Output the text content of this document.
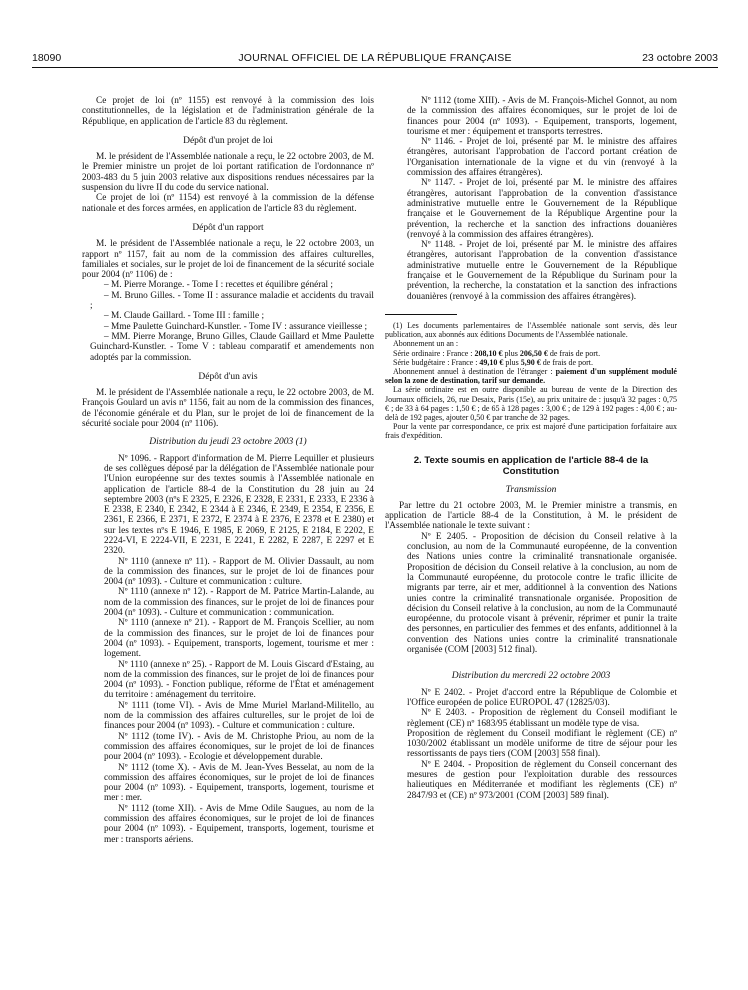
18090	JOURNAL OFFICIEL DE LA RÉPUBLIQUE FRANÇAISE	23 octobre 2003

Ce projet de loi (nº 1155) est renvoyé à la commission des lois constitutionnelles, de la législation et de l'administration générale de la République, en application de l'article 83 du règlement.

Dépôt d'un projet de loi

M. le président de l'Assemblée nationale a reçu, le 22 octobre 2003, de M. le Premier ministre un projet de loi portant ratification de l'ordonnance nº 2003-483 du 5 juin 2003 relative aux dispositions rendues nécessaires par la suspension du livre II du code du service national.

Ce projet de loi (nº 1154) est renvoyé à la commission de la défense nationale et des forces armées, en application de l'article 83 du règlement.

Dépôt d'un rapport

M. le président de l'Assemblée nationale a reçu, le 22 octobre 2003, un rapport nº 1157, fait au nom de la commission des affaires culturelles, familiales et sociales, sur le projet de loi de financement de la sécurité sociale pour 2004 (nº 1106) de :

– M. Pierre Morange. - Tome I : recettes et équilibre général ;

– M. Bruno Gilles. - Tome II : assurance maladie et accidents du travail ;

– M. Claude Gaillard. - Tome III : famille ;

– Mme Paulette Guinchard-Kunstler. - Tome IV : assurance vieillesse ;

– MM. Pierre Morange, Bruno Gilles, Claude Gaillard et Mme Paulette Guinchard-Kunstler. - Tome V : tableau comparatif et amendements non adoptés par la commission.

Dépôt d'un avis

M. le président de l'Assemblée nationale a reçu, le 22 octobre 2003, de M. François Goulard un avis nº 1156, fait au nom de la commission des finances, de l'économie générale et du Plan, sur le projet de loi de financement de la sécurité sociale pour 2004 (nº 1106).

Distribution du jeudi 23 octobre 2003 (1)

Nº 1096. - Rapport d'information de M. Pierre Lequiller et plusieurs de ses collègues déposé par la délégation de l'Assemblée nationale pour l'Union européenne sur des textes soumis à l'Assemblée nationale en application de l'article 88-4 de la Constitution du 28 juin au 24 septembre 2003 (nºs E 2325, E 2326, E 2328, E 2331, E 2333, E 2336 à E 2338, E 2340, E 2342, E 2344 à E 2346, E 2349, E 2354, E 2356, E 2361, E 2366, E 2371, E 2372, E 2374 à E 2376, E 2378 et E 2380) et sur les textes nºs E 1946, E 1985, E 2069, E 2125, E 2184, E 2202, E 2224-VI, E 2224-VII, E 2231, E 2241, E 2282, E 2287, E 2297 et E 2320.

Nº 1110 (annexe nº 11). - Rapport de M. Olivier Dassault, au nom de la commission des finances, sur le projet de loi de finances pour 2004 (nº 1093). - Culture et communication : culture.

Nº 1110 (annexe nº 12). - Rapport de M. Patrice Martin-Lalande, au nom de la commission des finances, sur le projet de loi de finances pour 2004 (nº 1093). - Culture et communication : communication.

Nº 1110 (annexe nº 21). - Rapport de M. François Scellier, au nom de la commission des finances, sur le projet de loi de finances pour 2004 (nº 1093). - Equipement, transports, logement, tourisme et mer : logement.

Nº 1110 (annexe nº 25). - Rapport de M. Louis Giscard d'Estaing, au nom de la commission des finances, sur le projet de loi de finances pour 2004 (nº 1093). - Fonction publique, réforme de l'État et aménagement du territoire : aménagement du territoire.

Nº 1111 (tome VI). - Avis de Mme Muriel Marland-Militello, au nom de la commission des affaires culturelles, sur le projet de loi de finances pour 2004 (nº 1093). - Culture et communication : culture.

Nº 1112 (tome IV). - Avis de M. Christophe Priou, au nom de la commission des affaires économiques, sur le projet de loi de finances pour 2004 (nº 1093). - Ecologie et développement durable.

Nº 1112 (tome X). - Avis de M. Jean-Yves Besselat, au nom de la commission des affaires économiques, sur le projet de loi de finances pour 2004 (nº 1093). - Equipement, transports, logement, tourisme et mer : mer.

Nº 1112 (tome XII). - Avis de Mme Odile Saugues, au nom de la commission des affaires économiques, sur le projet de loi de finances pour 2004 (nº 1093). - Equipement, transports, logement, tourisme et mer : transports aériens.

Nº 1112 (tome XIII). - Avis de M. François-Michel Gonnot, au nom de la commission des affaires économiques, sur le projet de loi de finances pour 2004 (nº 1093). - Equipement, transports, logement, tourisme et mer : équipement et transports terrestres.

Nº 1146. - Projet de loi, présenté par M. le ministre des affaires étrangères, autorisant l'approbation de l'accord portant création de l'Organisation internationale de la vigne et du vin (renvoyé à la commission des affaires étrangères).

Nº 1147. - Projet de loi, présenté par M. le ministre des affaires étrangères, autorisant l'approbation de la convention d'assistance administrative mutuelle entre le Gouvernement de la République française et le Gouvernement de la République Argentine pour la prévention, la recherche et la sanction des infractions douanières (renvoyé à la commission des affaires étrangères).

Nº 1148. - Projet de loi, présenté par M. le ministre des affaires étrangères, autorisant l'approbation de la convention d'assistance administrative mutuelle entre le Gouvernement de la République française et le Gouvernement de la République du Surinam pour la prévention, la recherche, la constatation et la sanction des infractions douanières (renvoyé à la commission des affaires étrangères).

(1) Les documents parlementaires de l'Assemblée nationale sont servis, dès leur publication, aux abonnés aux éditions Documents de l'Assemblée nationale.

Abonnement un an :

Série ordinaire : France : 208,10 € plus 206,50 € de frais de port.

Série budgétaire : France : 49,10 € plus 5,90 € de frais de port.

Abonnement annuel à destination de l'étranger : paiement d'un supplément modulé selon la zone de destination, tarif sur demande.

La série ordinaire est en outre disponible au bureau de vente de la Direction des Journaux officiels, 26, rue Desaix, Paris (15e), au prix unitaire de : jusqu'à 32 pages : 0,75 € ; de 33 à 64 pages : 1,50 € ; de 65 à 128 pages : 3,00 € ; de 129 à 192 pages : 4,00 € ; au-delà de 192 pages, ajouter 0,50 € par tranche de 32 pages.

Pour la vente par correspondance, ce prix est majoré d'une participation forfaitaire aux frais d'expédition.

2. Texte soumis en application de l'article 88-4 de la Constitution
Transmission

Par lettre du 21 octobre 2003, M. le Premier ministre a transmis, en application de l'article 88-4 de la Constitution, à M. le président de l'Assemblée nationale le texte suivant :

Nº E 2405. - Proposition de décision du Conseil relative à la conclusion, au nom de la Communauté européenne, de la convention des Nations unies contre la criminalité transnationale organisée. Proposition de décision du Conseil relative à la conclusion, au nom de la Communauté européenne, du protocole contre le trafic illicite de migrants par terre, air et mer, additionnel à la convention des Nations unies contre la criminalité transnationale organisée. Proposition de décision du Conseil relative à la conclusion, au nom de la Communauté européenne, du protocole visant à prévenir, réprimer et punir la traite des personnes, en particulier des femmes et des enfants, additionnel à la convention des Nations unies contre la criminalité transnationale organisée (COM [2003] 512 final).

Distribution du mercredi 22 octobre 2003

Nº E 2402. - Projet d'accord entre la République de Colombie et l'Office européen de police EUROPOL 47 (12825/03).

Nº E 2403. - Proposition de règlement du Conseil modifiant le règlement (CE) nº 1683/95 établissant un modèle type de visa.

Proposition de règlement du Conseil modifiant le règlement (CE) nº 1030/2002 établissant un modèle uniforme de titre de séjour pour les ressortissants de pays tiers (COM [2003] 558 final).

Nº E 2404. - Proposition de règlement du Conseil concernant des mesures de gestion pour l'exploitation durable des ressources halieutiques en Méditerranée et modifiant les règlements (CE) nº 2847/93 et (CE) nº 973/2001 (COM [2003] 589 final).
